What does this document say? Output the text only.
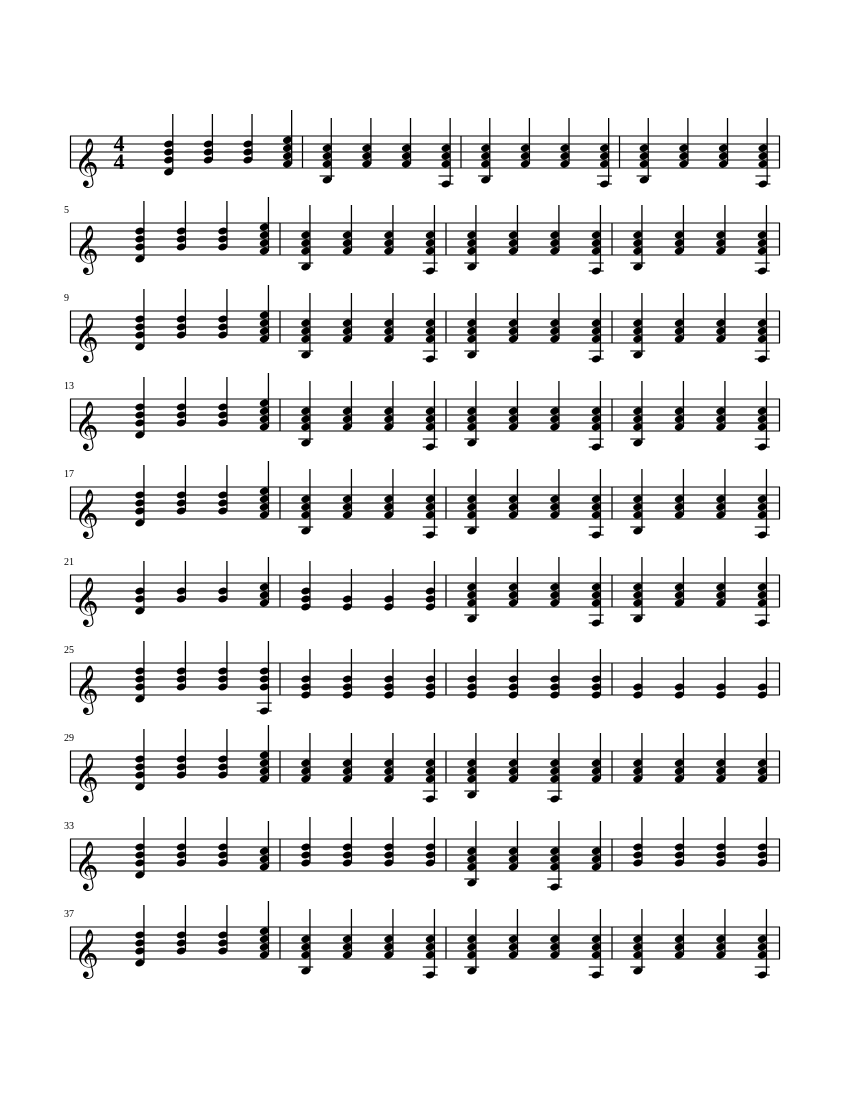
𝄞 4
4
5
𝄞
9
𝄞
13
𝄞
17
𝄞
21
𝄞
25
𝄞
29
𝄞
33
𝄞
37
𝄞
